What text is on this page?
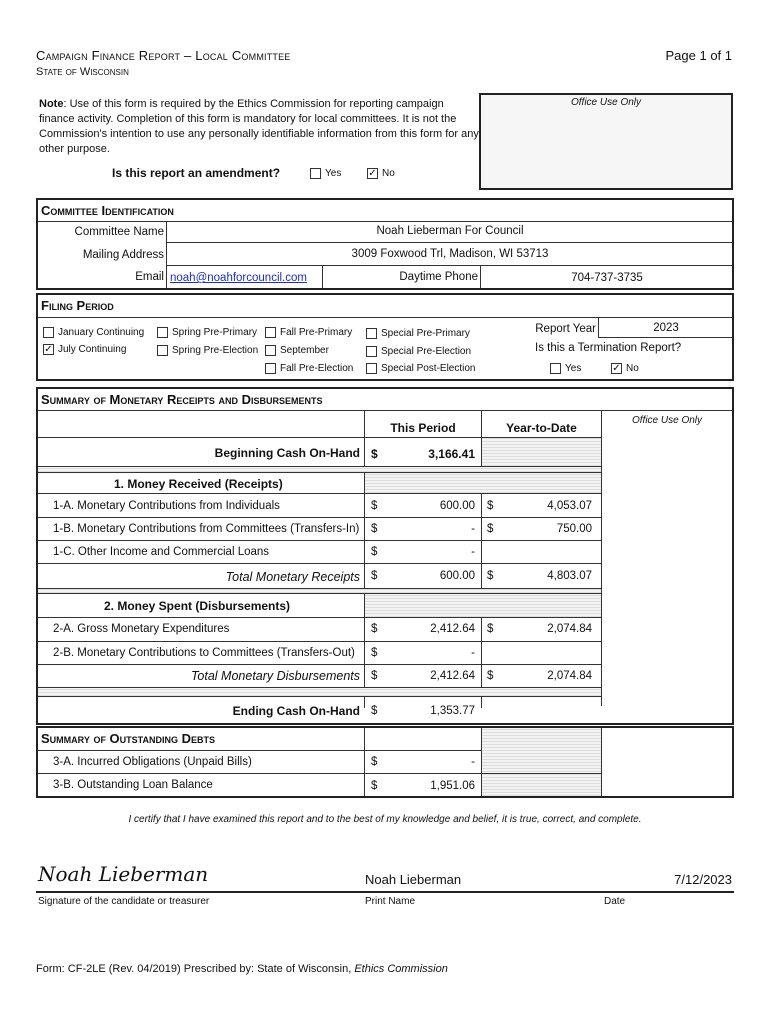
Campaign Finance Report – Local Committee
State of Wisconsin
Page 1 of 1
Note: Use of this form is required by the Ethics Commission for reporting campaign finance activity. Completion of this form is mandatory for local committees. It is not the Commission's intention to use any personally identifiable information from this form for any other purpose.
Office Use Only
Is this report an amendment?	Yes	✓ No
Committee Identification
Committee Name	Noah Lieberman For Council
Mailing Address	3009 Foxwood Trl, Madison, WI 53713
Email noah@noahforcouncil.com	Daytime Phone	704-737-3735
Filing Period
January Continuing
✓ July Continuing
Spring Pre-Primary
Spring Pre-Election
Fall Pre-Primary
September
Fall Pre-Election
Special Pre-Primary
Special Pre-Election
Special Post-Election
Report Year	2023
Is this a Termination Report?
Yes	✓ No
Summary of Monetary Receipts and Disbursements
Office Use Only
This Period	Year-to-Date
Beginning Cash On-Hand $	3,166.41
1. Money Received (Receipts)
1-A. Monetary Contributions from Individuals	$	600.00 $	4,053.07
1-B. Monetary Contributions from Committees (Transfers-In) $	- $	750.00
1-C. Other Income and Commercial Loans	$	-
Total Monetary Receipts $	600.00 $	4,803.07
2. Money Spent (Disbursements)
2-A. Gross Monetary Expenditures	$	2,412.64 $	2,074.84
2-B. Monetary Contributions to Committees (Transfers-Out) $	-
Total Monetary Disbursements $	2,412.64 $	2,074.84
Ending Cash On-Hand $	1,353.77
Summary of Outstanding Debts
3-A. Incurred Obligations (Unpaid Bills)	$	-
3-B. Outstanding Loan Balance	$	1,951.06
I certify that I have examined this report and to the best of my knowledge and belief, it is true, correct, and complete.
Noah Lieberman	Noah Lieberman	7/12/2023
Signature of the candidate or treasurer	Print Name	Date
Form: CF-2LE (Rev. 04/2019) Prescribed by: State of Wisconsin, Ethics Commission
